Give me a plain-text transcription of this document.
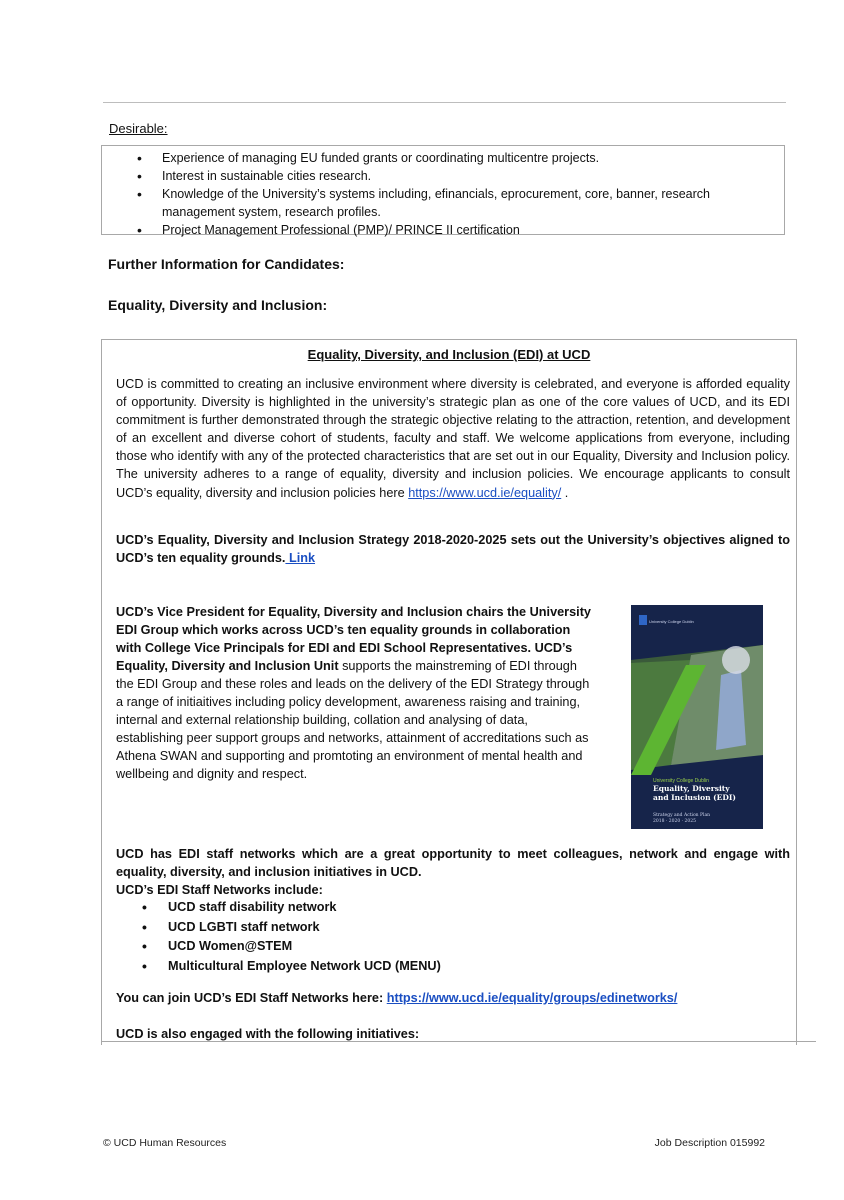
Desirable:
• Experience of managing EU funded grants or coordinating multicentre projects.
• Interest in sustainable cities research.
• Knowledge of the University’s systems including, efinancials, eprocurement, core, banner, research management system, research profiles.
• Project Management Professional (PMP)/ PRINCE II certification
Further Information for Candidates:
Equality, Diversity and Inclusion:
Equality, Diversity, and Inclusion (EDI) at UCD
UCD is committed to creating an inclusive environment where diversity is celebrated, and everyone is afforded equality of opportunity. Diversity is highlighted in the university’s strategic plan as one of the core values of UCD, and its EDI commitment is further demonstrated through the strategic objective relating to the attraction, retention, and development of an excellent and diverse cohort of students, faculty and staff. We welcome applications from everyone, including those who identify with any of the protected characteristics that are set out in our Equality, Diversity and Inclusion policy. The university adheres to a range of equality, diversity and inclusion policies. We encourage applicants to consult UCD’s equality, diversity and inclusion policies here https://www.ucd.ie/equality/ .
UCD’s Equality, Diversity and Inclusion Strategy 2018-2020-2025 sets out the University’s objectives aligned to UCD’s ten equality grounds. Link
UCD’s Vice President for Equality, Diversity and Inclusion chairs the University EDI Group which works across UCD’s ten equality grounds in collaboration with College Vice Principals for EDI and EDI School Representatives. UCD’s Equality, Diversity and Inclusion Unit supports the mainstreming of EDI through the EDI Group and these roles and leads on the delivery of the EDI Strategy through a range of initiaitives including policy development, awareness raising and training, internal and external relationship building, collation and analysing of data, establishing peer support groups and networks, attainment of accreditations such as Athena SWAN and supporting and promtoting an environment of mental health and wellbeing and dignity and respect.
University College Dublin
University College Dublin
Equality, Diversity
and Inclusion (EDI)
Strategy and Action Plan
2018 · 2020 · 2025
UCD has EDI staff networks which are a great opportunity to meet colleagues, network and engage with equality, diversity, and inclusion initiatives in UCD.
UCD’s EDI Staff Networks include:
• UCD staff disability network
• UCD LGBTI staff network
• UCD Women@STEM
• Multicultural Employee Network UCD (MENU)
You can join UCD’s EDI Staff Networks here: https://www.ucd.ie/equality/groups/edinetworks/
UCD is also engaged with the following initiatives:
© UCD Human Resources	Job Description 015992
